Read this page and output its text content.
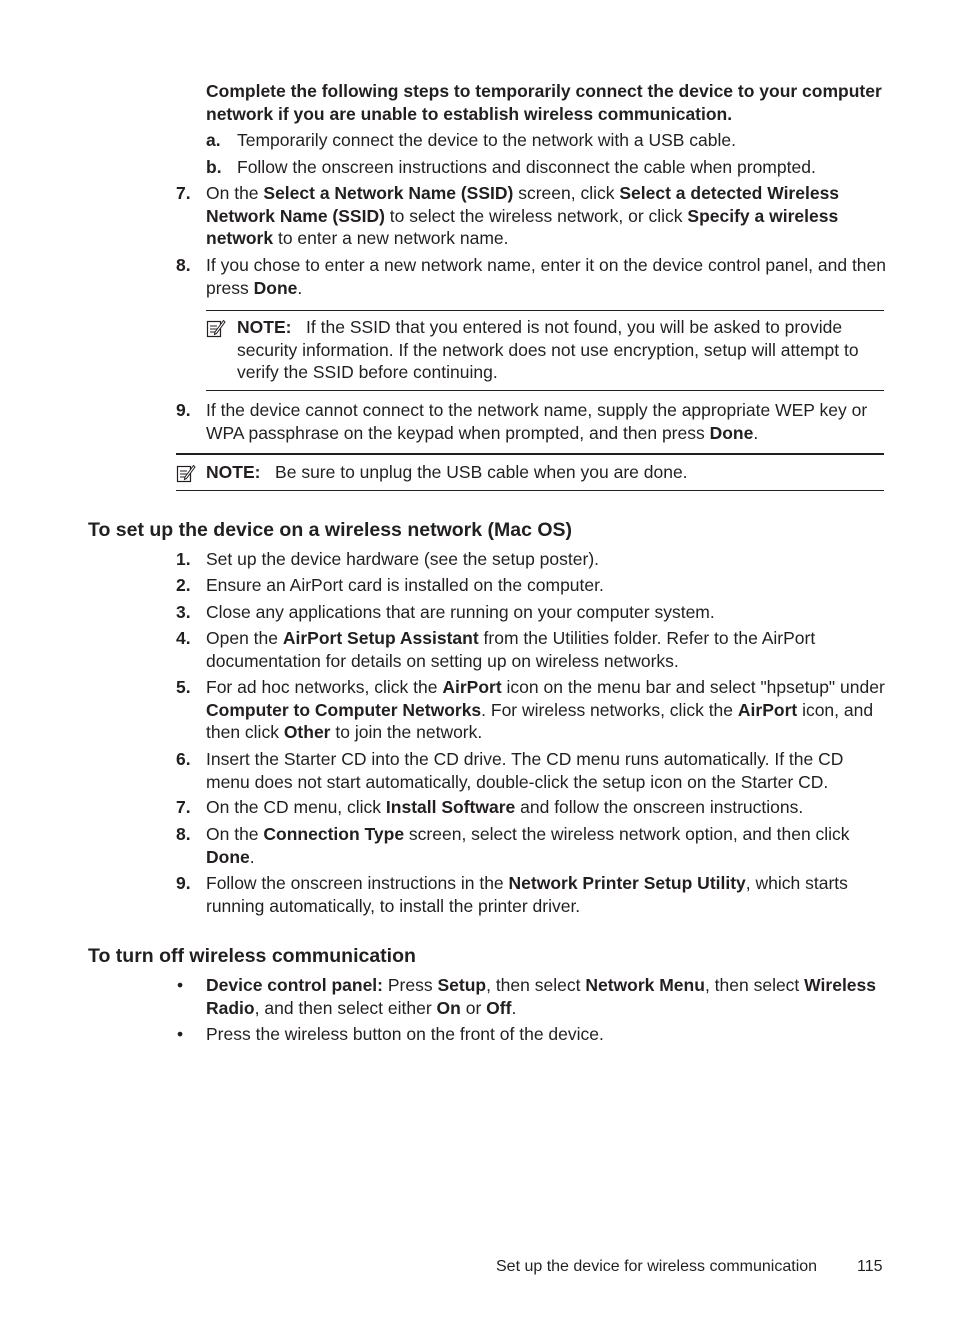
Complete the following steps to temporarily connect the device to your computer network if you are unable to establish wireless communication.
a. Temporarily connect the device to the network with a USB cable.
b. Follow the onscreen instructions and disconnect the cable when prompted.
7. On the Select a Network Name (SSID) screen, click Select a detected Wireless Network Name (SSID) to select the wireless network, or click Specify a wireless network to enter a new network name.
8. If you chose to enter a new network name, enter it on the device control panel, and then press Done.
NOTE: If the SSID that you entered is not found, you will be asked to provide security information. If the network does not use encryption, setup will attempt to verify the SSID before continuing.
9. If the device cannot connect to the network name, supply the appropriate WEP key or WPA passphrase on the keypad when prompted, and then press Done.
NOTE: Be sure to unplug the USB cable when you are done.
To set up the device on a wireless network (Mac OS)
1. Set up the device hardware (see the setup poster).
2. Ensure an AirPort card is installed on the computer.
3. Close any applications that are running on your computer system.
4. Open the AirPort Setup Assistant from the Utilities folder. Refer to the AirPort documentation for details on setting up on wireless networks.
5. For ad hoc networks, click the AirPort icon on the menu bar and select "hpsetup" under Computer to Computer Networks. For wireless networks, click the AirPort icon, and then click Other to join the network.
6. Insert the Starter CD into the CD drive. The CD menu runs automatically. If the CD menu does not start automatically, double-click the setup icon on the Starter CD.
7. On the CD menu, click Install Software and follow the onscreen instructions.
8. On the Connection Type screen, select the wireless network option, and then click Done.
9. Follow the onscreen instructions in the Network Printer Setup Utility, which starts running automatically, to install the printer driver.
To turn off wireless communication
• Device control panel: Press Setup, then select Network Menu, then select Wireless Radio, and then select either On or Off.
• Press the wireless button on the front of the device.
Set up the device for wireless communication 115
